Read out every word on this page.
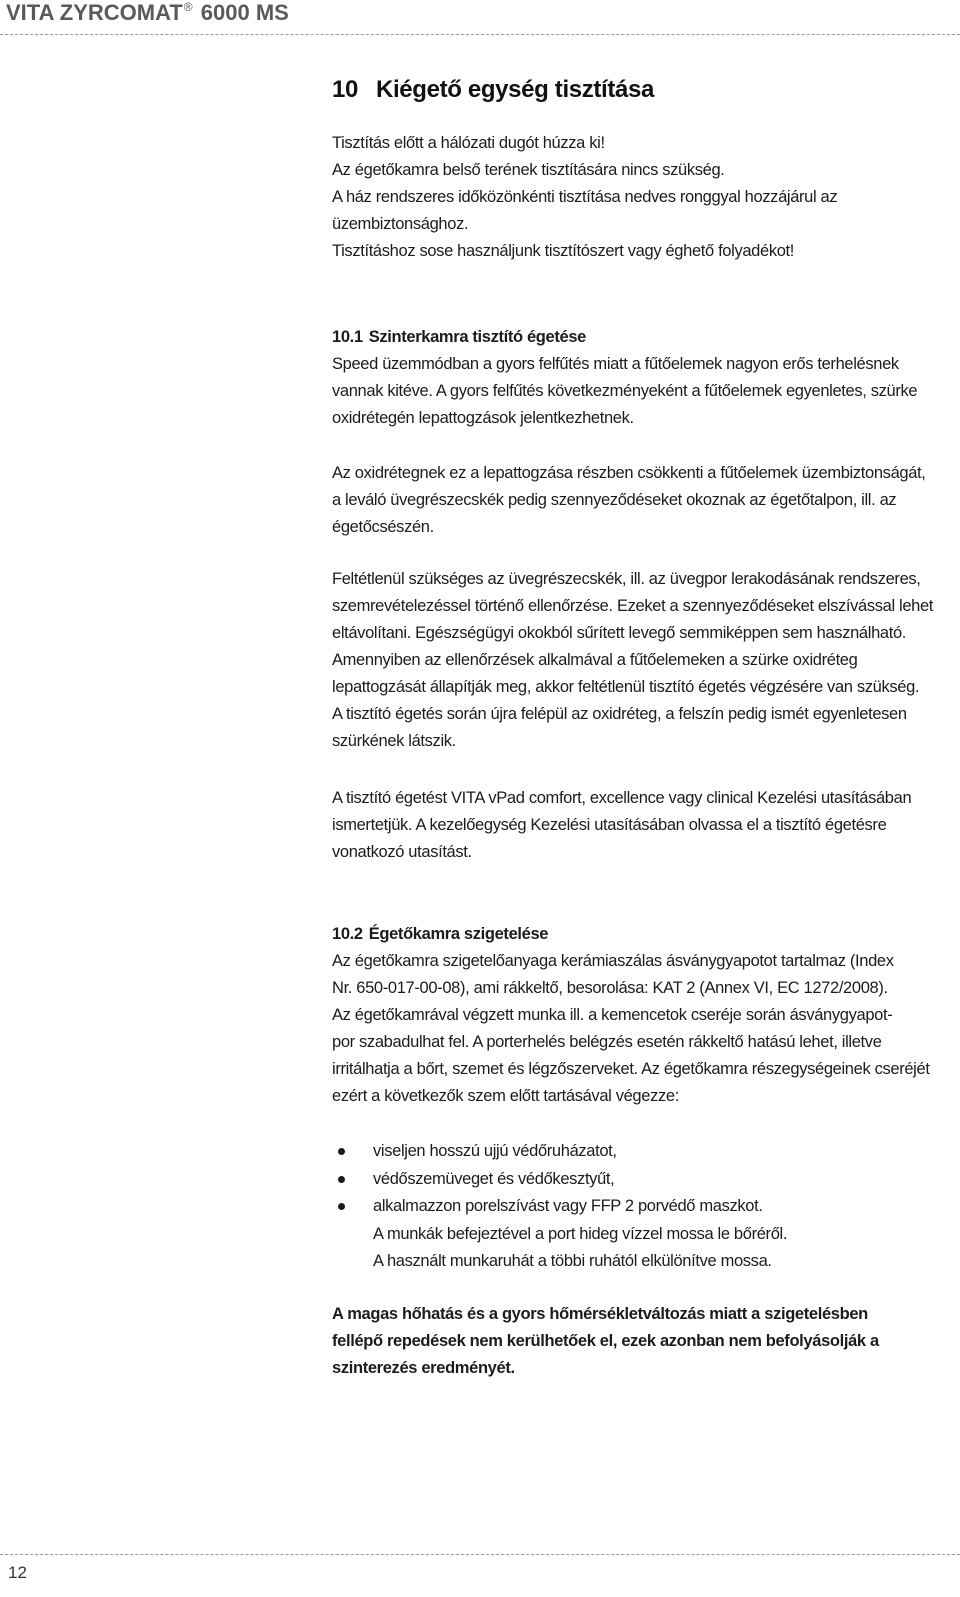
VITA ZYRCOMAT® 6000 MS
10 Kiégető egység tisztítása
Tisztítás előtt a hálózati dugót húzza ki!
Az égetőkamra belső terének tisztítására nincs szükség.
A ház rendszeres időközönkénti tisztítása nedves ronggyal hozzájárul az
üzembiztonsághoz.
Tisztításhoz sose használjunk tisztítószert vagy éghető folyadékot!
10.1 Szinterkamra tisztító égetése
Speed üzemmódban a gyors felfűtés miatt a fűtőelemek nagyon erős terhelésnek
vannak kitéve. A gyors felfűtés következményeként a fűtőelemek egyenletes, szürke
oxidrétegén lepattogzások jelentkezhetnek.
Az oxidrétegnek ez a lepattogzása részben csökkenti a fűtőelemek üzembiztonságát,
a leváló üvegrészecskék pedig szennyeződéseket okoznak az égetőtalpon, ill. az
égetőcsészén.
Feltétlenül szükséges az üvegrészecskék, ill. az üvegpor lerakodásának rendszeres,
szemrevételezéssel történő ellenőrzése. Ezeket a szennyeződéseket elszívással lehet
eltávolítani. Egészségügyi okokból sűrített levegő semmiképpen sem használható.
Amennyiben az ellenőrzések alkalmával a fűtőelemeken a szürke oxidréteg
lepattogzását állapítják meg, akkor feltétlenül tisztító égetés végzésére van szükség.
A tisztító égetés során újra felépül az oxidréteg, a felszín pedig ismét egyenletesen
szürkének látszik.
A tisztító égetést VITA vPad comfort, excellence vagy clinical Kezelési utasításában
ismertetjük. A kezelőegység Kezelési utasításában olvassa el a tisztító égetésre
vonatkozó utasítást.
10.2 Égetőkamra szigetelése
Az égetőkamra szigetelőanyaga kerámiaszálas ásványgyapotot tartalmaz (Index
Nr. 650-017-00-08), ami rákkeltő, besorolása: KAT 2 (Annex VI, EC 1272/2008).
Az égetőkamrával végzett munka ill. a kemencetok cseréje során ásványgyapot-
por szabadulhat fel. A porterhelés belégzés esetén rákkeltő hatású lehet, illetve
irritálhatja a bőrt, szemet és légzőszerveket. Az égetőkamra részegységeinek cseréjét
ezért a következők szem előtt tartásával végezze:
viseljen hosszú ujjú védőruházatot,
védőszemüveget és védőkesztyűt,
alkalmazzon porelszívást vagy FFP 2 porvédő maszkot.
A munkák befejeztével a port hideg vízzel mossa le bőréről.
A használt munkaruhát a többi ruhától elkülönítve mossa.
A magas hőhatás és a gyors hőmérsékletváltozás miatt a szigetelésben
fellépő repedések nem kerülhetőek el, ezek azonban nem befolyásolják a
szinterezés eredményét.
12
